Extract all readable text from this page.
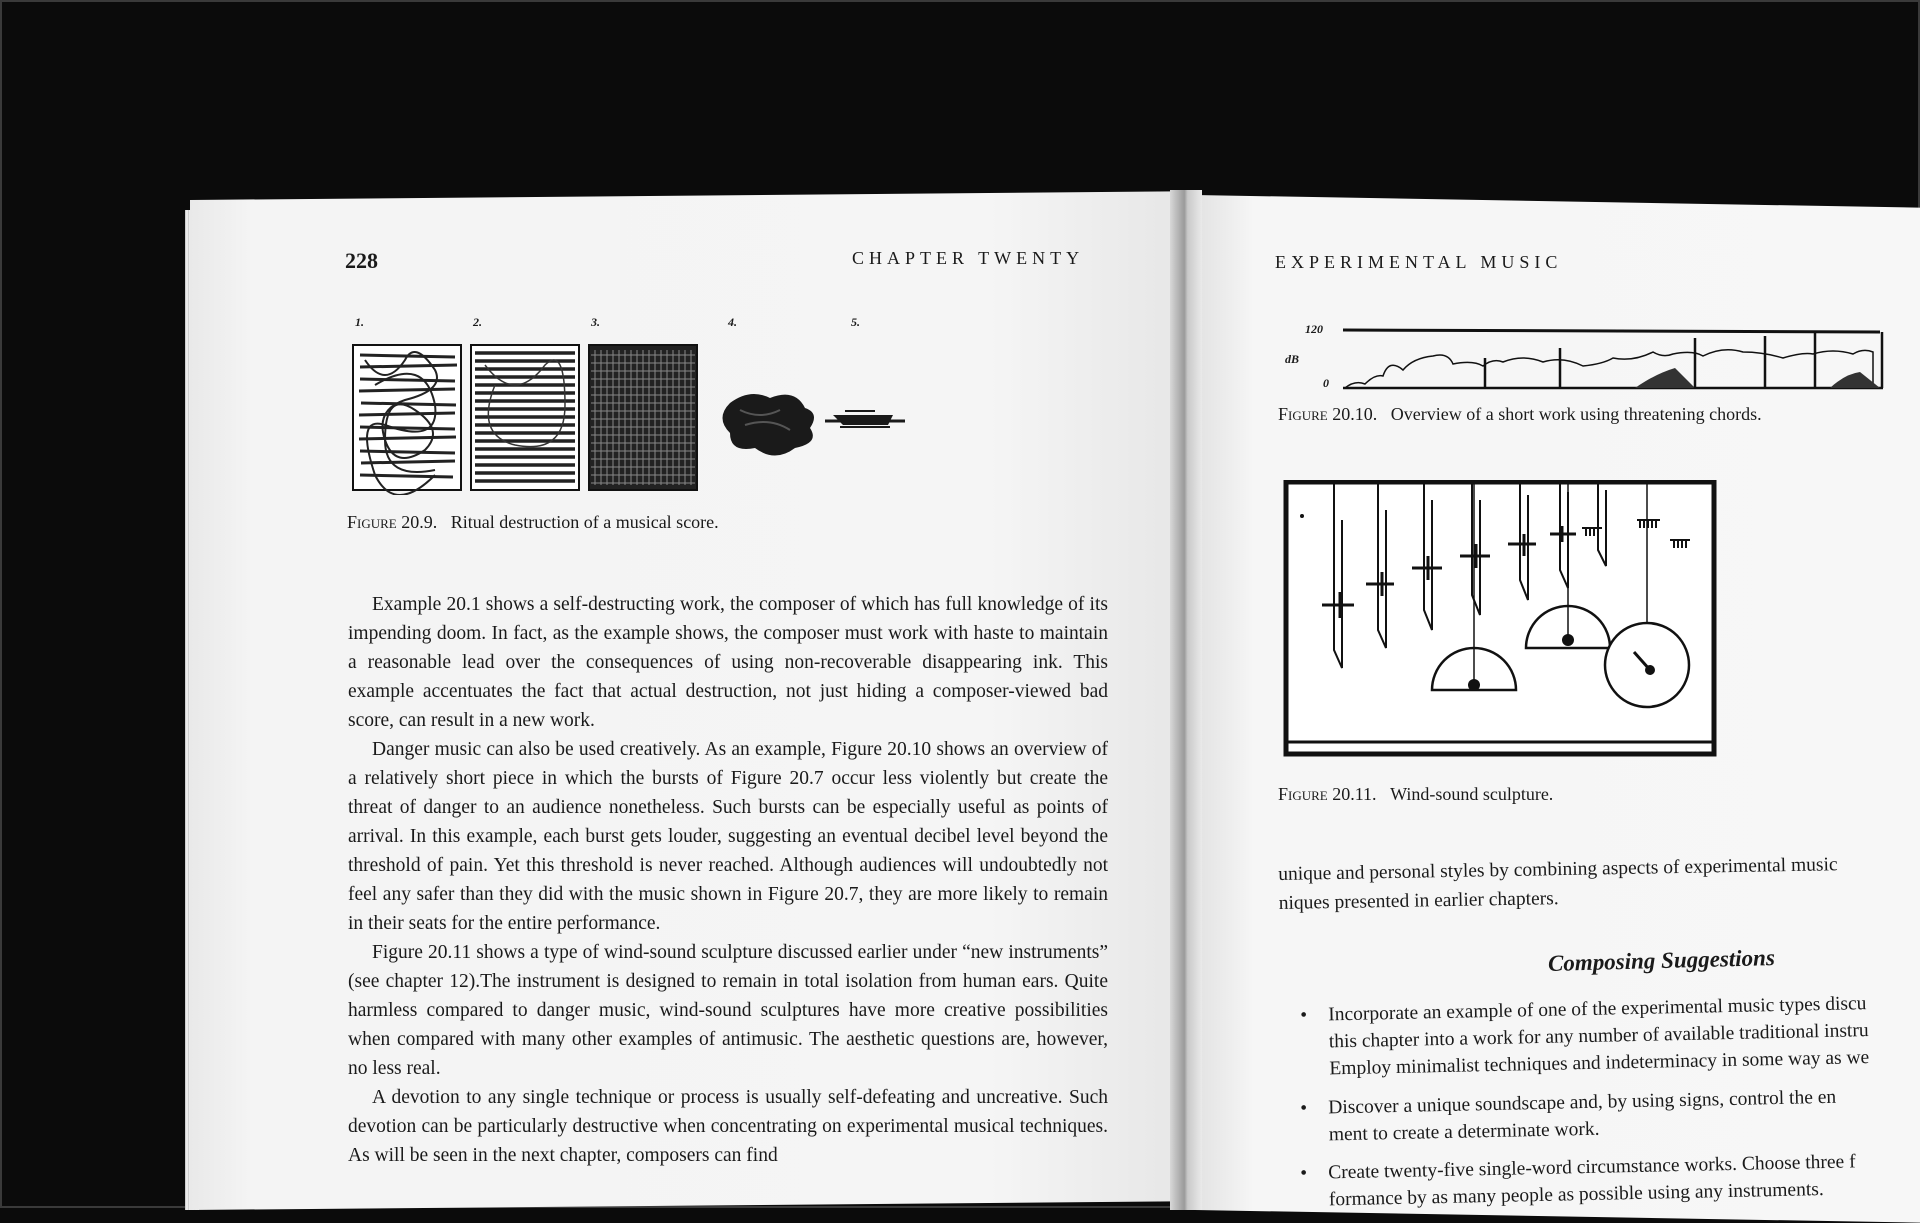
228	CHAPTER TWENTY
1.	2.	3.	4.	5.
Figure 20.9. Ritual destruction of a musical score.

Example 20.1 shows a self-destructing work, the composer of which has full knowledge of its impending doom. In fact, as the example shows, the composer must work with haste to maintain a reasonable lead over the consequences of using non-recoverable disappearing ink. This example accentuates the fact that actual destruction, not just hiding a composer-viewed bad score, can result in a new work.

Danger music can also be used creatively. As an example, Figure 20.10 shows an overview of a relatively short piece in which the bursts of Figure 20.7 occur less violently but create the threat of danger to an audience nonetheless. Such bursts can be especially useful as points of arrival. In this example, each burst gets louder, suggesting an eventual decibel level beyond the threshold of pain. Yet this threshold is never reached. Although audiences will undoubtedly not feel any safer than they did with the music shown in Figure 20.7, they are more likely to remain in their seats for the entire performance.

Figure 20.11 shows a type of wind-sound sculpture discussed earlier under “new instruments” (see chapter 12).The instrument is designed to remain in total isolation from human ears. Quite harmless compared to danger music, wind-sound sculptures have more creative possibilities when compared with many other examples of antimusic. The aesthetic questions are, however, no less real.

A devotion to any single technique or process is usually self-defeating and uncreative. Such devotion can be particularly destructive when concentrating on experimental musical techniques. As will be seen in the next chapter, composers can find

EXPERIMENTAL MUSIC
120
dB
0
Figure 20.10. Overview of a short work using threatening chords.
Figure 20.11. Wind-sound sculpture.
unique and personal styles by combining aspects of experimental music
niques presented in earlier chapters.
Composing Suggestions
• Incorporate an example of one of the experimental music types discu
this chapter into a work for any number of available traditional instru
Employ minimalist techniques and indeterminacy in some way as we
• Discover a unique soundscape and, by using signs, control the en
ment to create a determinate work.
• Create twenty-five single-word circumstance works. Choose three f
formance by as many people as possible using any instruments.
